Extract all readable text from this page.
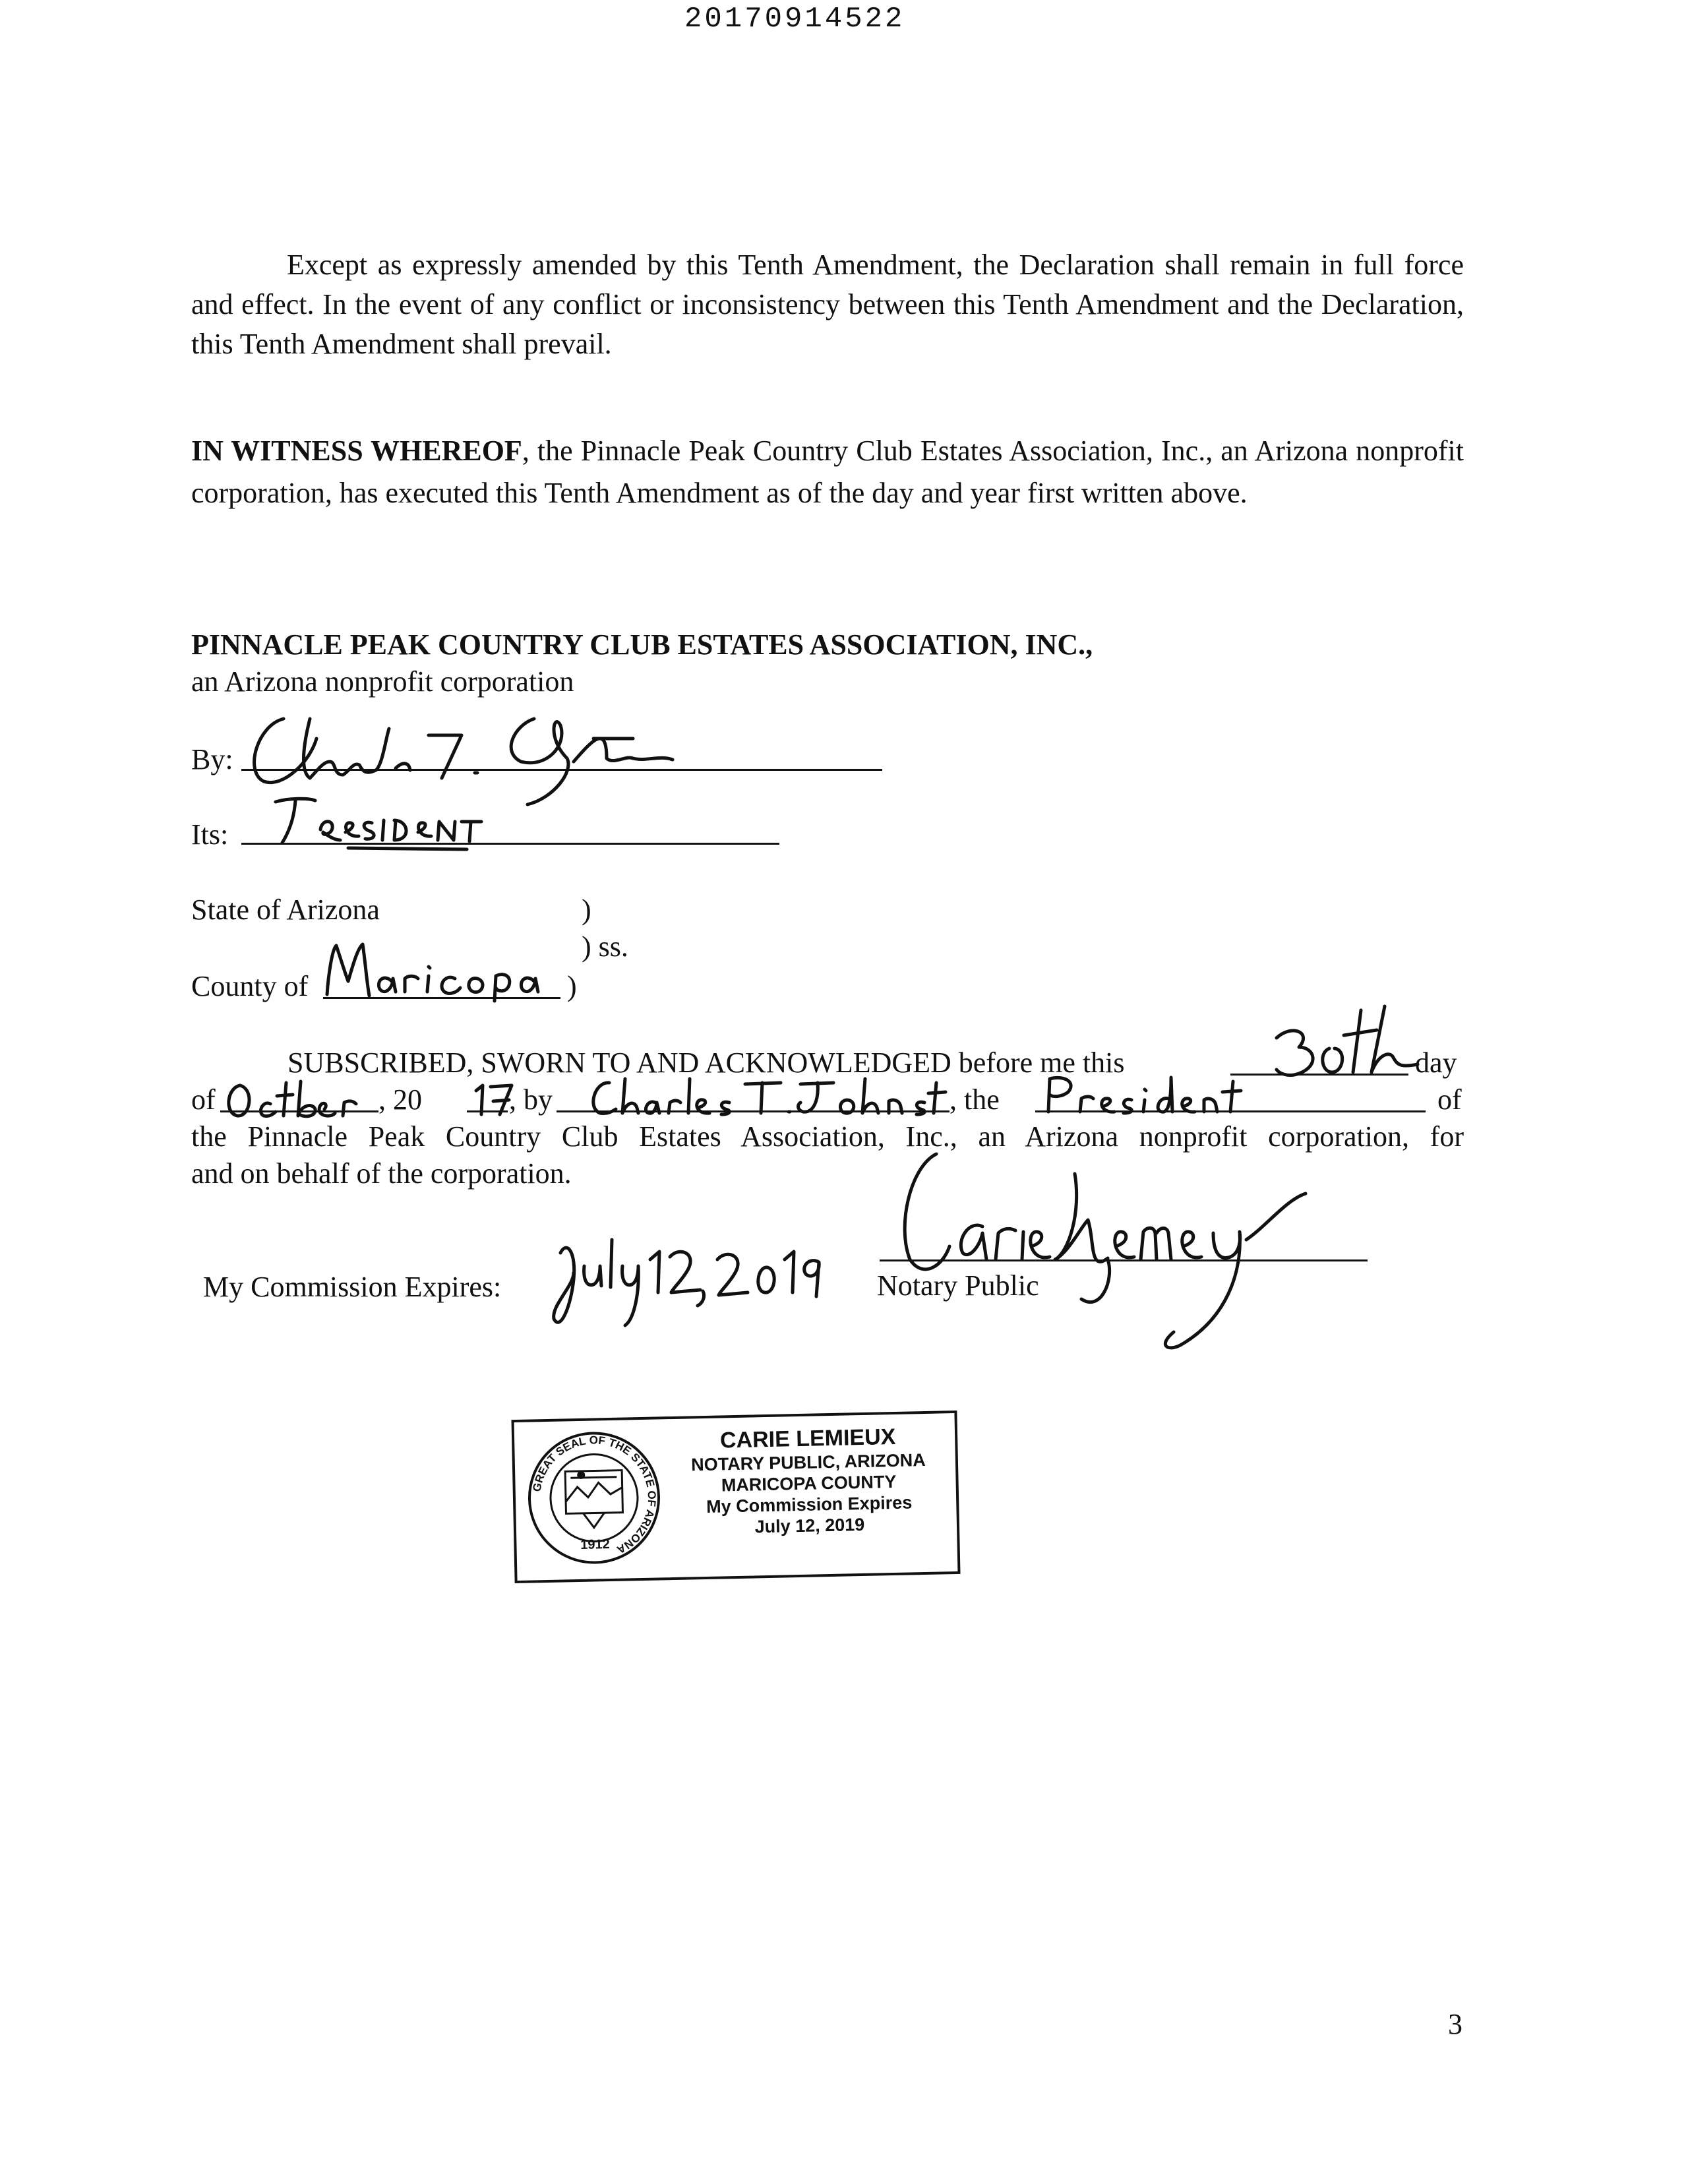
20170914522

Except as expressly amended by this Tenth Amendment, the Declaration shall remain in full force and effect. In the event of any conflict or inconsistency between this Tenth Amendment and the Declaration, this Tenth Amendment shall prevail.

IN WITNESS WHEREOF, the Pinnacle Peak Country Club Estates Association, Inc., an Arizona nonprofit corporation, has executed this Tenth Amendment as of the day and year first written above.

PINNACLE PEAK COUNTRY CLUB ESTATES ASSOCIATION, INC.,
an Arizona nonprofit corporation
By:
Its:
State of Arizona	)
) ss.
County of	)
SUBSCRIBED, SWORN TO AND ACKNOWLEDGED before me this	day
of	, 20	, by	, the	of
the Pinnacle Peak Country Club Estates Association, Inc., an Arizona nonprofit corporation, for
and on behalf of the corporation.
My Commission Expires:	Notary Public
GREAT SEAL OF THE STATE OF ARIZONA
1912
CARIE LEMIEUX
NOTARY PUBLIC, ARIZONA
MARICOPA COUNTY
My Commission Expires
July 12, 2019
3
